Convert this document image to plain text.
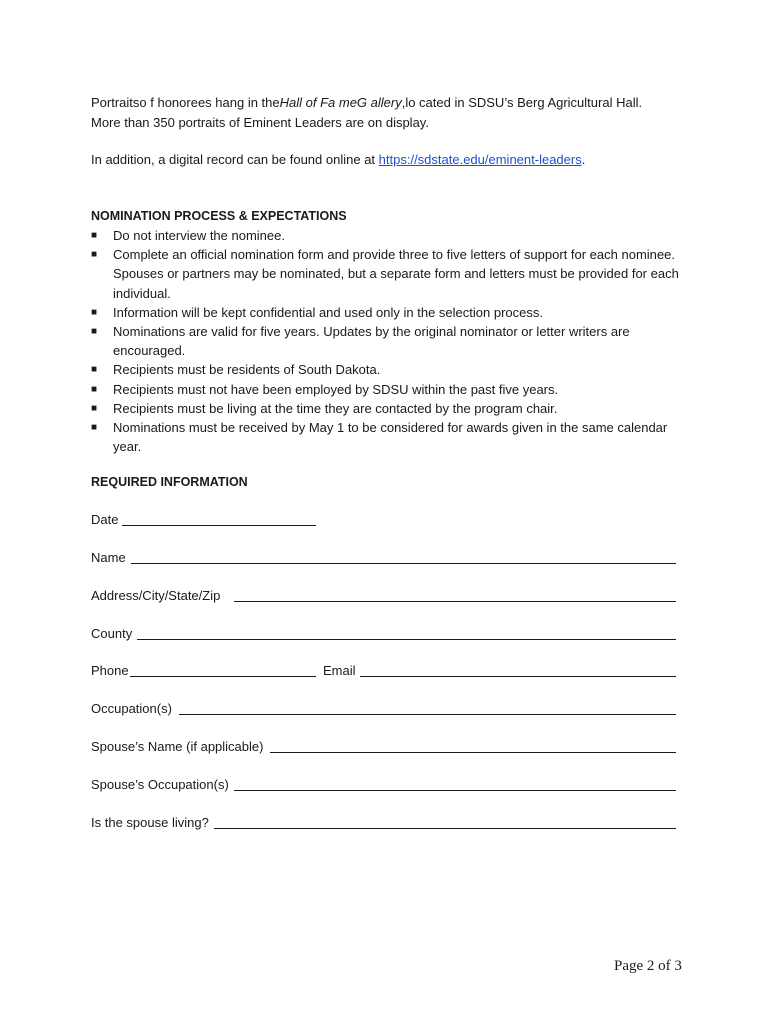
Portraitso f honorees hang in theHall of Fa meG allery,lo cated in SDSU’s Berg Agricultural Hall.

More than 350 portraits of Eminent Leaders are on display.

In addition, a digital record can be found online at https://sdstate.edu/eminent-leaders.

NOMINATION PROCESS & EXPECTATIONS
■ Do not interview the nominee.
■ Complete an official nomination form and provide three to five letters of support for each nominee. Spouses or partners may be nominated, but a separate form and letters must be provided for each individual.
■ Information will be kept confidential and used only in the selection process.
■ Nominations are valid for five years. Updates by the original nominator or letter writers are encouraged.
■ Recipients must be residents of South Dakota.
■ Recipients must not have been employed by SDSU within the past five years.
■ Recipients must be living at the time they are contacted by the program chair.
■ Nominations must be received by May 1 to be considered for awards given in the same calendar year.
REQUIRED INFORMATION
Date
Name
Address/City/State/Zip
County
Phone	Email
Occupation(s)
Spouse’s Name (if applicable)
Spouse’s Occupation(s)
Is the spouse living?
Page 2 of 3
